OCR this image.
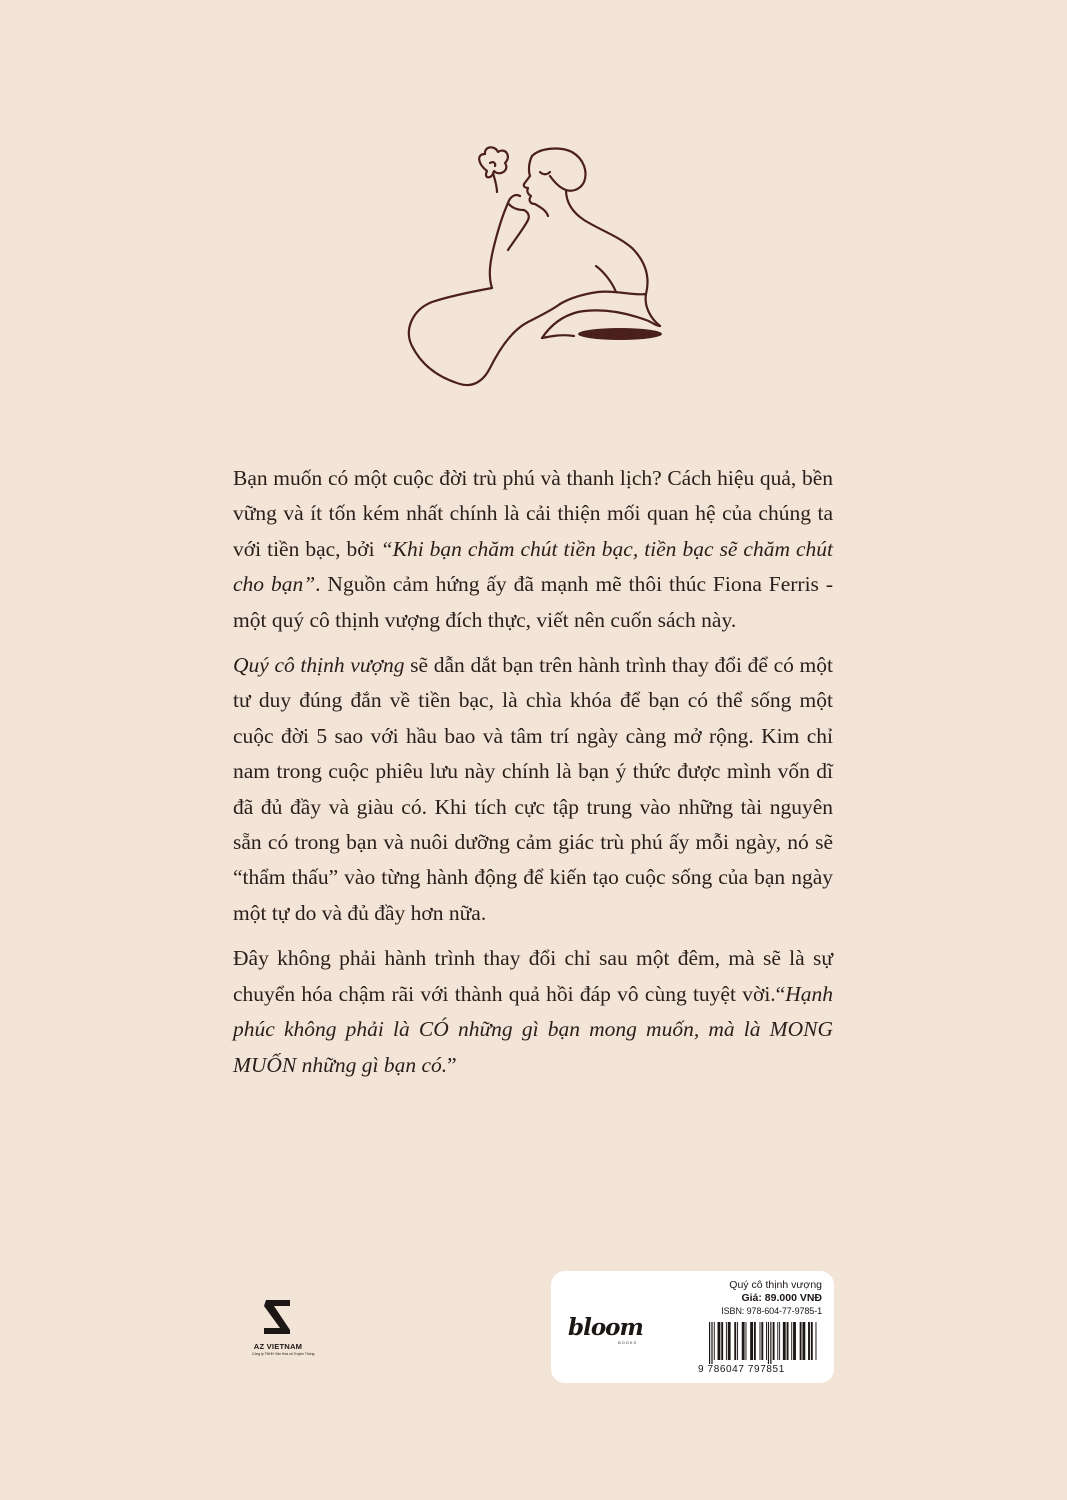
Bạn muốn có một cuộc đời trù phú và thanh lịch? Cách hiệu quả, bền vững và ít tốn kém nhất chính là cải thiện mối quan hệ của chúng ta với tiền bạc, bởi “Khi bạn chăm chút tiền bạc, tiền bạc sẽ chăm chút cho bạn”. Nguồn cảm hứng ấy đã mạnh mẽ thôi thúc Fiona Ferris - một quý cô thịnh vượng đích thực, viết nên cuốn sách này.

Quý cô thịnh vượng sẽ dẫn dắt bạn trên hành trình thay đổi để có một tư duy đúng đắn về tiền bạc, là chìa khóa để bạn có thể sống một cuộc đời 5 sao với hầu bao và tâm trí ngày càng mở rộng. Kim chỉ nam trong cuộc phiêu lưu này chính là bạn ý thức được mình vốn dĩ đã đủ đầy và giàu có. Khi tích cực tập trung vào những tài nguyên sẵn có trong bạn và nuôi dưỡng cảm giác trù phú ấy mỗi ngày, nó sẽ “thẩm thấu” vào từng hành động để kiến tạo cuộc sống của bạn ngày một tự do và đủ đầy hơn nữa.

Đây không phải hành trình thay đổi chỉ sau một đêm, mà sẽ là sự chuyển hóa chậm rãi với thành quả hồi đáp vô cùng tuyệt vời.“Hạnh phúc không phải là CÓ những gì bạn mong muốn, mà là MONG MUỐN những gì bạn có.”

AZ VIETNAM
Công ty TNHH Văn Hóa và Truyền Thông
bloom
BOOKS
Quý cô thịnh vượng
Giá: 89.000 VNĐ
ISBN: 978-604-77-9785-1
9 786047 797851
